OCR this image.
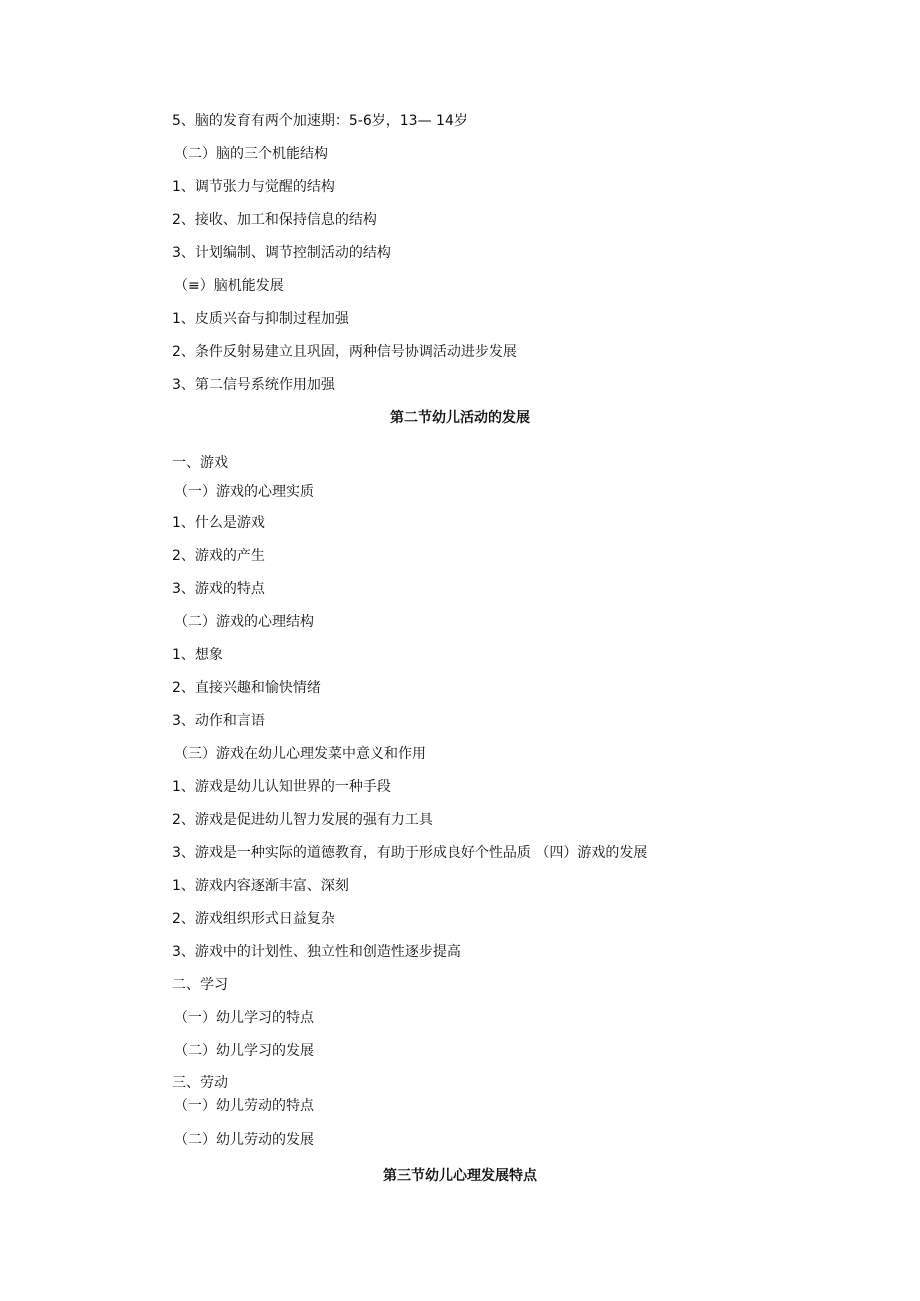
5、脑的发育有两个加速期：5-6岁，13— 14岁
（二）脑的三个机能结构
1、调节张力与觉醒的结构
2、接收、加工和保持信息的结构
3、计划编制、调节控制活动的结构
（≡）脑机能发展
1、皮质兴奋与抑制过程加强
2、条件反射易建立且巩固，两种信号协调活动进步发展
3、第二信号系统作用加强
第二节幼儿活动的发展
一、游戏
（一）游戏的心理实质
1、什么是游戏
2、游戏的产生
3、游戏的特点
（二）游戏的心理结构
1、想象
2、直接兴趣和愉快情绪
3、动作和言语
（三）游戏在幼儿心理发菜中意义和作用
1、游戏是幼儿认知世界的一种手段
2、游戏是促进幼儿智力发展的强有力工具
3、游戏是一种实际的道德教育，有助于形成良好个性品质 （四）游戏的发展
1、游戏内容逐渐丰富、深刻
2、游戏组织形式日益复杂
3、游戏中的计划性、独立性和创造性逐步提高
二、学习
（一）幼儿学习的特点
（二）幼儿学习的发展
三、劳动
（一）幼儿劳动的特点
（二）幼儿劳动的发展
第三节幼儿心理发展特点
